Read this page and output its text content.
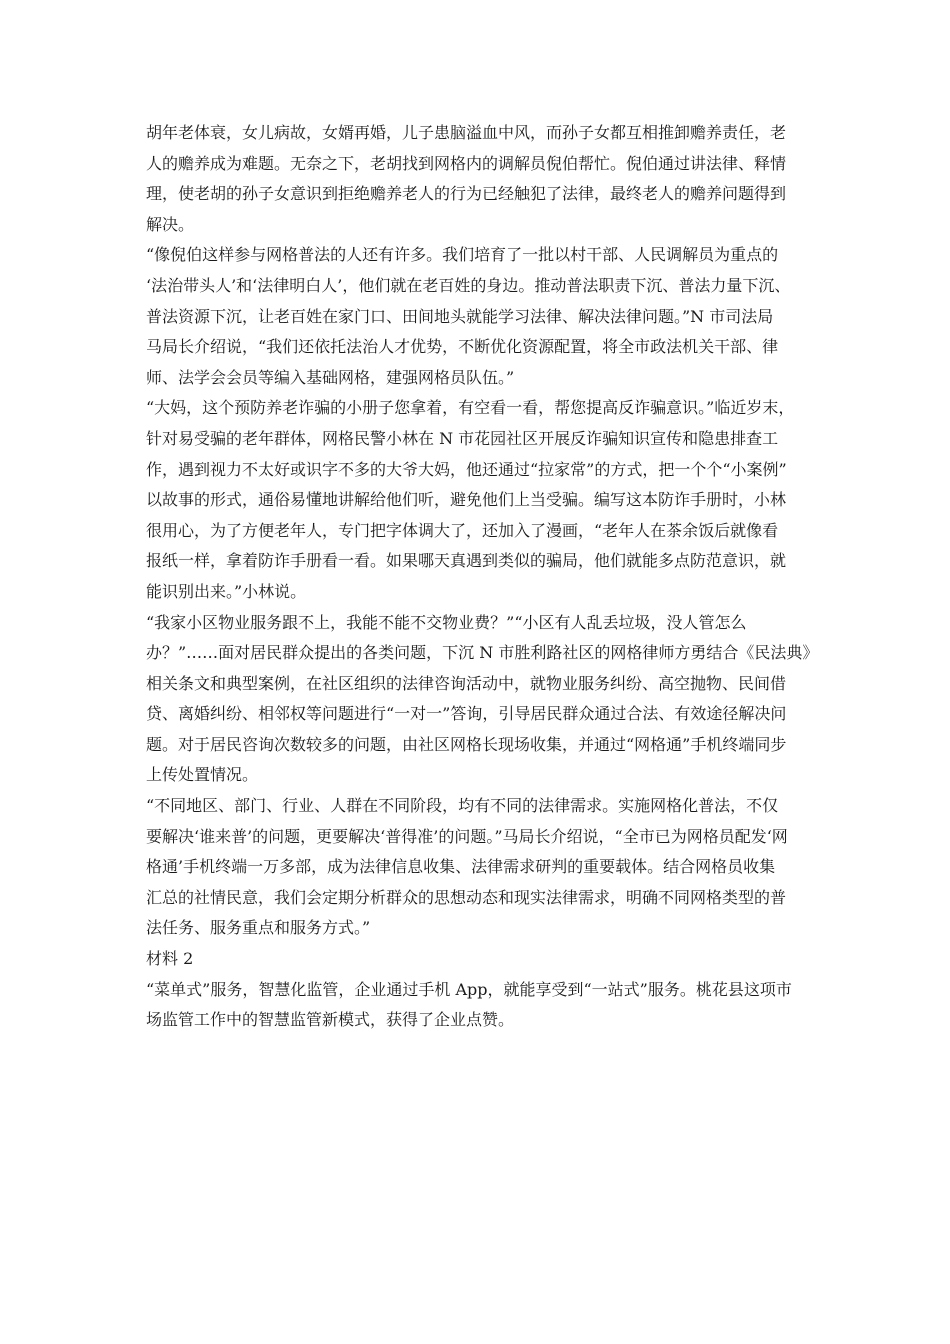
胡年老体衰，女儿病故，女婿再婚，儿子患脑溢血中风，而孙子女都互相推卸赡养责任，老
人的赡养成为难题。无奈之下，老胡找到网格内的调解员倪伯帮忙。倪伯通过讲法律、释情
理，使老胡的孙子女意识到拒绝赡养老人的行为已经触犯了法律，最终老人的赡养问题得到
解决。
“像倪伯这样参与网格普法的人还有许多。我们培育了一批以村干部、人民调解员为重点的
‘法治带头人’和‘法律明白人’，他们就在老百姓的身边。推动普法职责下沉、普法力量下沉、
普法资源下沉，让老百姓在家门口、田间地头就能学习法律、解决法律问题。”N 市司法局
马局长介绍说，“我们还依托法治人才优势，不断优化资源配置，将全市政法机关干部、律
师、法学会会员等编入基础网格，建强网格员队伍。”
“大妈，这个预防养老诈骗的小册子您拿着，有空看一看，帮您提高反诈骗意识。”临近岁末，
针对易受骗的老年群体，网格民警小林在 N 市花园社区开展反诈骗知识宣传和隐患排查工
作，遇到视力不太好或识字不多的大爷大妈，他还通过“拉家常”的方式，把一个个“小案例”
以故事的形式，通俗易懂地讲解给他们听，避免他们上当受骗。编写这本防诈手册时，小林
很用心，为了方便老年人，专门把字体调大了，还加入了漫画，“老年人在茶余饭后就像看
报纸一样，拿着防诈手册看一看。如果哪天真遇到类似的骗局，他们就能多点防范意识，就
能识别出来。”小林说。
“我家小区物业服务跟不上，我能不能不交物业费？”“小区有人乱丢垃圾，没人管怎么
办？”……面对居民群众提出的各类问题，下沉 N 市胜利路社区的网格律师方勇结合《民法典》
相关条文和典型案例，在社区组织的法律咨询活动中，就物业服务纠纷、高空抛物、民间借
贷、离婚纠纷、相邻权等问题进行“一对一”答询，引导居民群众通过合法、有效途径解决问
题。对于居民咨询次数较多的问题，由社区网格长现场收集，并通过“网格通”手机终端同步
上传处置情况。
“不同地区、部门、行业、人群在不同阶段，均有不同的法律需求。实施网格化普法，不仅
要解决‘谁来普’的问题，更要解决‘普得准’的问题。”马局长介绍说，“全市已为网格员配发‘网
格通’手机终端一万多部，成为法律信息收集、法律需求研判的重要载体。结合网格员收集
汇总的社情民意，我们会定期分析群众的思想动态和现实法律需求，明确不同网格类型的普
法任务、服务重点和服务方式。”
材料 2
“菜单式”服务，智慧化监管，企业通过手机 App，就能享受到“一站式”服务。桃花县这项市
场监管工作中的智慧监管新模式，获得了企业点赞。
